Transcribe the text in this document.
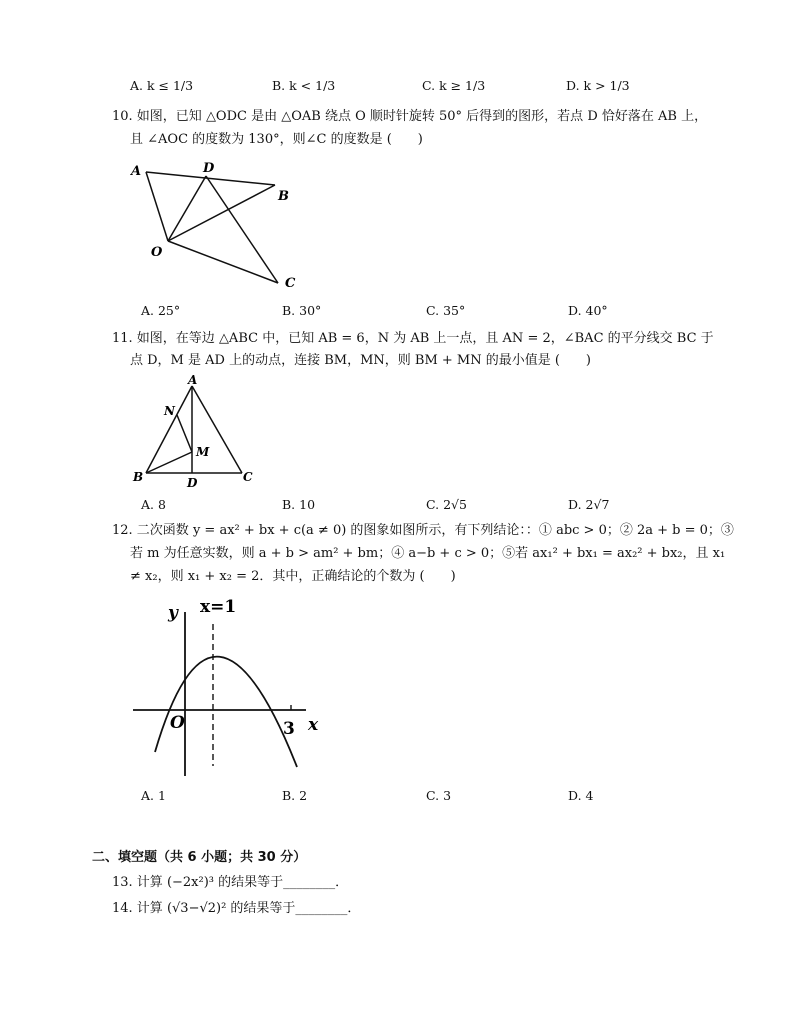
A. k ≤ 1/3	B. k < 1/3	C. k ≥ 1/3	D. k > 1/3
10. 如图，已知 △ODC 是由 △OAB 绕点 O 顺时针旋转 50° 后得到的图形，若点 D 恰好落在 AB 上，
且 ∠AOC 的度数为 130°，则∠C 的度数是 (　　)
A	D
B
O
C
A. 25°	B. 30°	C. 35°	D. 40°
11. 如图，在等边 △ABC 中，已知 AB = 6，N 为 AB 上一点，且 AN = 2，∠BAC 的平分线交 BC 于
点 D，M 是 AD 上的动点，连接 BM，MN，则 BM + MN 的最小值是 (　　)
A
N
M
B	D	C
A. 8	B. 10	C. 2√5	D. 2√7
12. 二次函数 y = ax² + bx + c(a ≠ 0) 的图象如图所示，有下列结论：：① abc > 0；② 2a + b = 0；③
若 m 为任意实数，则 a + b > am² + bm；④ a−b + c > 0；⑤若 ax₁² + bx₁ = ax₂² + bx₂，且 x₁
≠ x₂，则 x₁ + x₂ = 2．其中，正确结论的个数为 (　　)
y x=1
O	3 x
A. 1	B. 2	C. 3	D. 4
二、填空题（共 6 小题；共 30 分）
13. 计算 (−2x²)³ 的结果等于________．
14. 计算 (√3−√2)² 的结果等于________．
